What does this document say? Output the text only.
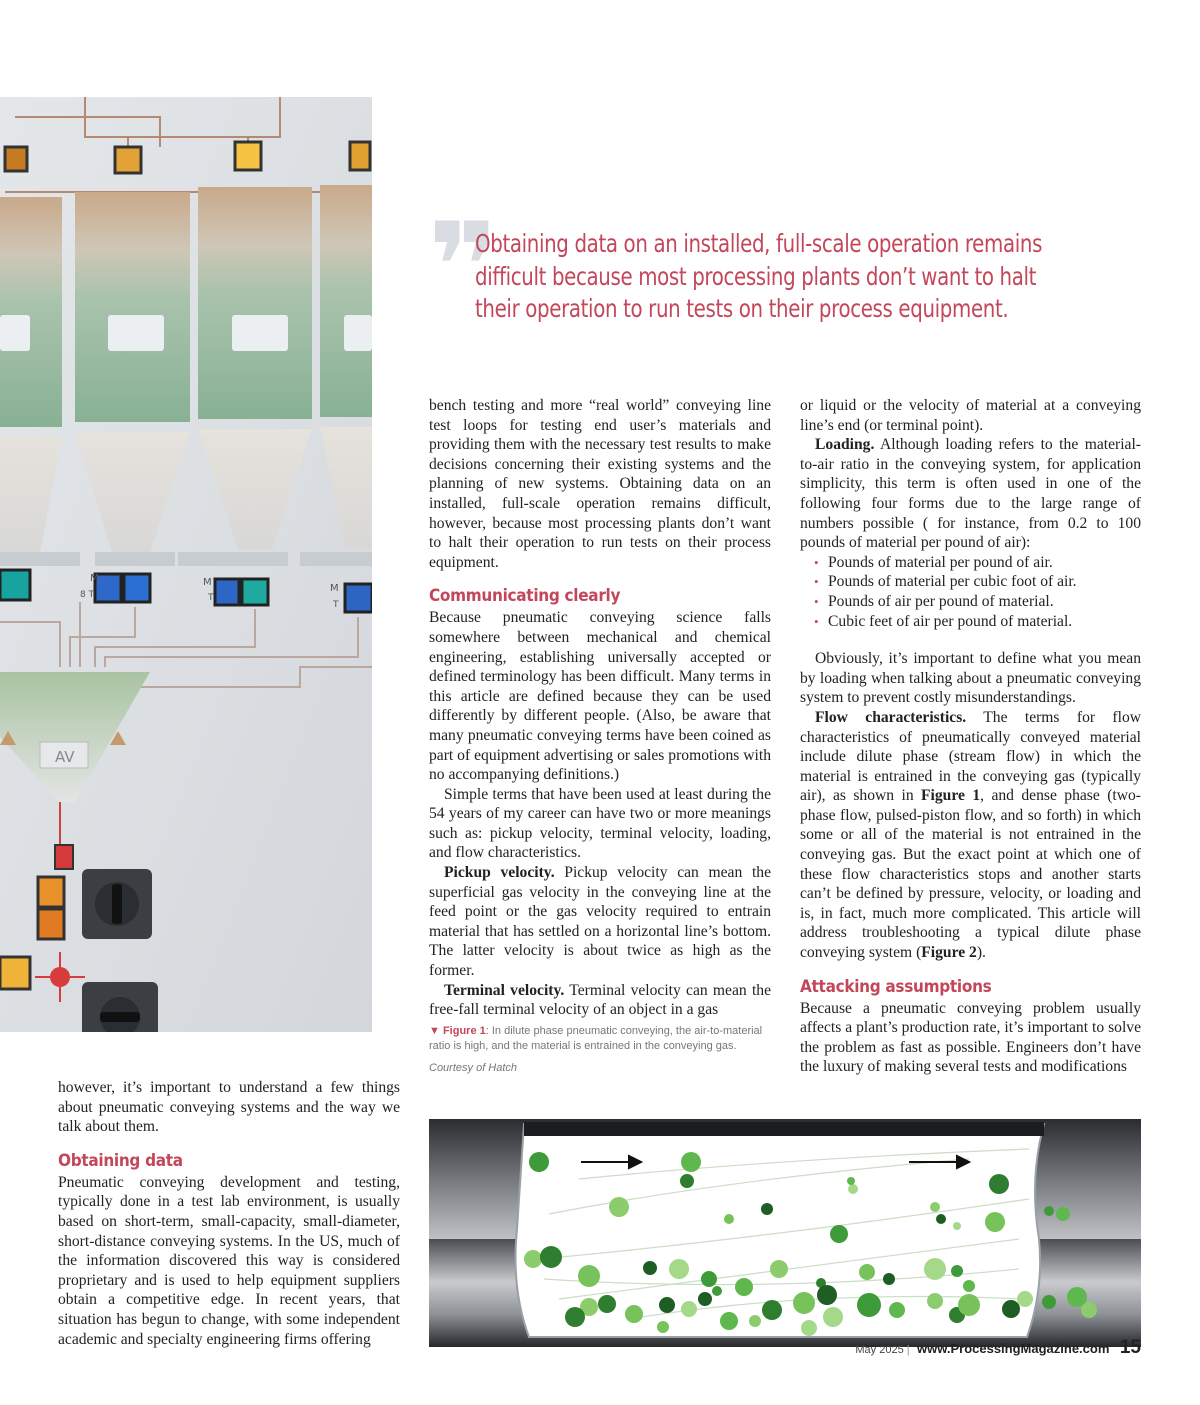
M
8 T
M
T
M
T
AV
❞
Obtaining data on an installed, full-scale operation remains difficult because most processing plants don’t want to halt their operation to run tests on their process equipment.

however, it’s important to understand a few things about pneumatic conveying systems and the way we talk about them.

Obtaining data

Pneumatic conveying development and testing, typically done in a test lab environment, is usually based on short-term, small-capacity, small-diameter, short-distance conveying systems. In the US, much of the information discovered this way is considered proprietary and is used to help equipment suppliers obtain a competitive edge. In recent years, that situation has begun to change, with some independent academic and specialty engineering firms offering

bench testing and more “real world” conveying line test loops for testing end user’s materials and providing them with the necessary test results to make decisions concerning their existing systems and the planning of new systems. Obtaining data on an installed, full-scale operation remains difficult, however, because most processing plants don’t want to halt their operation to run tests on their process equipment.

Communicating clearly

Because pneumatic conveying science falls somewhere between mechanical and chemical engineering, establishing universally accepted or defined terminology has been difficult. Many terms in this article are defined because they can be used differently by different people. (Also, be aware that many pneumatic conveying terms have been coined as part of equipment advertising or sales promotions with no accompanying definitions.)

Simple terms that have been used at least during the 54 years of my career can have two or more meanings such as: pickup velocity, terminal velocity, loading, and flow characteristics.

Pickup velocity. Pickup velocity can mean the superficial gas velocity in the conveying line at the feed point or the gas velocity required to entrain material that has settled on a horizontal line’s bottom. The latter velocity is about twice as high as the former.

Terminal velocity. Terminal velocity can mean the free-fall terminal velocity of an object in a gas

or liquid or the velocity of material at a conveying line’s end (or terminal point).

Loading. Although loading refers to the material-to-air ratio in the conveying system, for application simplicity, this term is often used in one of the following four forms due to the large range of numbers possible ( for instance, from 0.2 to 100 pounds of material per pound of air):

• Pounds of material per pound of air.
• Pounds of material per cubic foot of air.
• Pounds of air per pound of material.
• Cubic feet of air per pound of material.

Obviously, it’s important to define what you mean by loading when talking about a pneumatic conveying system to prevent costly misunderstandings.

Flow characteristics. The terms for flow characteristics of pneumatically conveyed material include dilute phase (stream flow) in which the material is entrained in the conveying gas (typically air), as shown in Figure 1, and dense phase (two-phase flow, pulsed-piston flow, and so forth) in which some or all of the material is not entrained in the conveying gas. But the exact point at which one of these flow characteristics stops and another starts can’t be defined by pressure, velocity, or loading and is, in fact, much more complicated. This article will address troubleshooting a typical dilute phase conveying system (Figure 2).

Attacking assumptions

Because a pneumatic conveying problem usually affects a plant’s production rate, it’s important to solve the problem as fast as possible. Engineers don’t have the luxury of making several tests and modifications

▼ Figure 1: In dilute phase pneumatic conveying, the air-to-material ratio is high, and the material is entrained in the conveying gas.
Courtesy of Hatch
May 2025 | www.ProcessingMagazine.com 15
